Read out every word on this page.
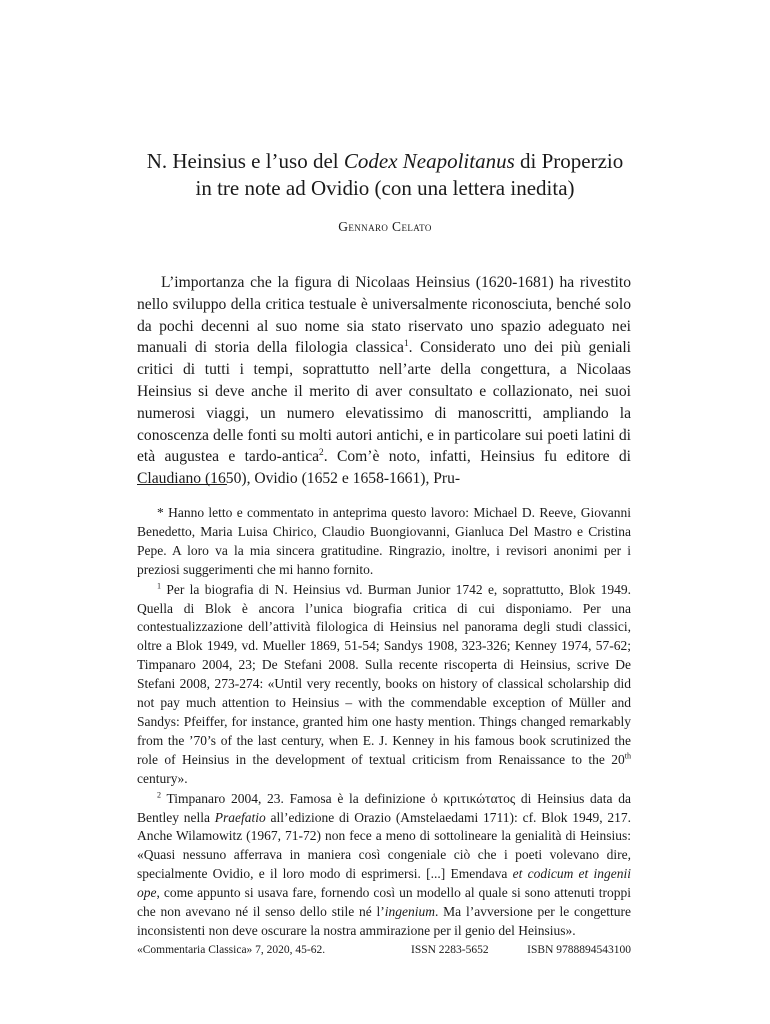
N. Heinsius e l’uso del Codex Neapolitanus di Properzio
in tre note ad Ovidio (con una lettera inedita)
Gennaro Celato

L’importanza che la figura di Nicolaas Heinsius (1620-1681) ha rivestito nello sviluppo della critica testuale è universalmente riconosciuta, benché solo da pochi decenni al suo nome sia stato riservato uno spazio adeguato nei manuali di storia della filologia classica$^1$. Considerato uno dei più geniali critici di tutti i tempi, soprattutto nell’arte della congettura, a Nicolaas Heinsius si deve anche il merito di aver consultato e collazionato, nei suoi numerosi viaggi, un numero elevatissimo di manoscritti, ampliando la conoscenza delle fonti su molti autori antichi, e in particolare sui poeti latini di età augustea e tardo-antica$^2$. Com’è noto, infatti, Heinsius fu editore di Claudiano (1650), Ovidio (1652 e 1658-1661), Pru-

* Hanno letto e commentato in anteprima questo lavoro: Michael D. Reeve, Giovanni Benedetto, Maria Luisa Chirico, Claudio Buongiovanni, Gianluca Del Mastro e Cristina Pepe. A loro va la mia sincera gratitudine. Ringrazio, inoltre, i revisori anonimi per i preziosi suggerimenti che mi hanno fornito.

$^1$ Per la biografia di N. Heinsius vd. Burman Junior 1742 e, soprattutto, Blok 1949. Quella di Blok è ancora l’unica biografia critica di cui disponiamo. Per una contestualizzazione dell’attività filologica di Heinsius nel panorama degli studi classici, oltre a Blok 1949, vd. Mueller 1869, 51-54; Sandys 1908, 323-326; Kenney 1974, 57-62; Timpanaro 2004, 23; De Stefani 2008. Sulla recente riscoperta di Heinsius, scrive De Stefani 2008, 273-274: «Until very recently, books on history of classical scholarship did not pay much attention to Heinsius – with the commendable exception of Müller and Sandys: Pfeiffer, for instance, granted him one hasty mention. Things changed remarkably from the ’70’s of the last century, when E. J. Kenney in his famous book scrutinized the role of Heinsius in the development of textual criticism from Renaissance to the 20th century».

$^2$ Timpanaro 2004, 23. Famosa è la definizione ὁ κριτικώτατος di Heinsius data da Bentley nella Praefatio all’edizione di Orazio (Amstelaedami 1711): cf. Blok 1949, 217. Anche Wilamowitz (1967, 71-72) non fece a meno di sottolineare la genialità di Heinsius: «Quasi nessuno afferrava in maniera così congeniale ciò che i poeti volevano dire, specialmente Ovidio, e il loro modo di esprimersi. [...] Emendava et codicum et ingenii ope, come appunto si usava fare, fornendo così un modello al quale si sono attenuti troppi che non avevano né il senso dello stile né l’ingenium. Ma l’avversione per le congetture inconsistenti non deve oscurare la nostra ammirazione per il genio del Heinsius».

«Commentaria Classica» 7, 2020, 45-62.	ISSN 2283-5652	ISBN 9788894543100
